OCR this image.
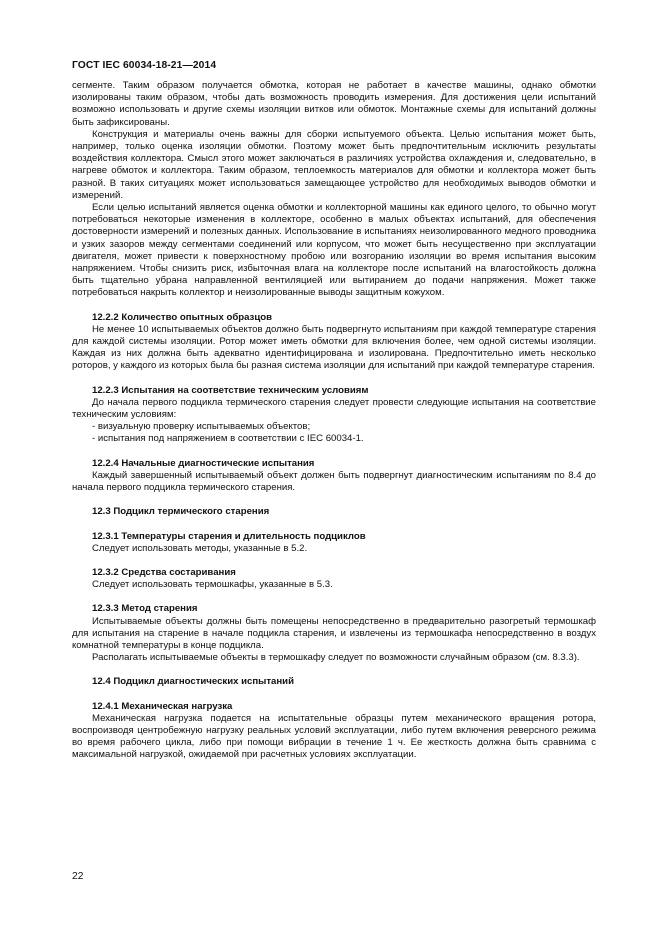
ГОСТ IEC 60034-18-21—2014

сегменте. Таким образом получается обмотка, которая не работает в качестве машины, однако обмотки изолированы таким образом, чтобы дать возможность проводить измерения. Для достижения цели испытаний возможно использовать и другие схемы изоляции витков или обмоток. Монтажные схемы для испытаний должны быть зафиксированы.

Конструкция и материалы очень важны для сборки испытуемого объекта. Целью испытания может быть, например, только оценка изоляции обмотки. Поэтому может быть предпочтительным исключить результаты воздействия коллектора. Смысл этого может заключаться в различиях устройства охлаждения и, следовательно, в нагреве обмоток и коллектора. Таким образом, теплоемкость материалов для обмотки и коллектора может быть разной. В таких ситуациях может использоваться замещающее устройство для необходимых выводов обмотки и измерений.

Если целью испытаний является оценка обмотки и коллекторной машины как единого целого, то обычно могут потребоваться некоторые изменения в коллекторе, особенно в малых объектах испытаний, для обеспечения достоверности измерений и полезных данных. Использование в испытаниях неизолированного медного проводника и узких зазоров между сегментами соединений или корпусом, что может быть несущественно при эксплуатации двигателя, может привести к поверхностному пробою или возгоранию изоляции во время испытания высоким напряжением. Чтобы снизить риск, избыточная влага на коллекторе после испытаний на влагостойкость должна быть тщательно убрана направленной вентиляцией или вытиранием до подачи напряжения. Может также потребоваться накрыть коллектор и неизолированные выводы защитным кожухом.

12.2.2 Количество опытных образцов

Не менее 10 испытываемых объектов должно быть подвергнуто испытаниям при каждой температуре старения для каждой системы изоляции. Ротор может иметь обмотки для включения более, чем одной системы изоляции. Каждая из них должна быть адекватно идентифицирована и изолирована. Предпочтительно иметь несколько роторов, у каждого из которых была бы разная система изоляции для испытаний при каждой температуре старения.

12.2.3 Испытания на соответствие техническим условиям

До начала первого подцикла термического старения следует провести следующие испытания на соответствие техническим условиям:

- визуальную проверку испытываемых объектов;

- испытания под напряжением в соответствии с IEC 60034-1.

12.2.4 Начальные диагностические испытания

Каждый завершенный испытываемый объект должен быть подвергнут диагностическим испытаниям по 8.4 до начала первого подцикла термического старения.

12.3 Подцикл термического старения
12.3.1 Температуры старения и длительность подциклов

Следует использовать методы, указанные в 5.2.

12.3.2 Средства состаривания

Следует использовать термошкафы, указанные в 5.3.

12.3.3 Метод старения

Испытываемые объекты должны быть помещены непосредственно в предварительно разогретый термошкаф для испытания на старение в начале подцикла старения, и извлечены из термошкафа непосредственно в воздух комнатной температуры в конце подцикла.

Располагать испытываемые объекты в термошкафу следует по возможности случайным образом (см. 8.3.3).

12.4 Подцикл диагностических испытаний
12.4.1 Механическая нагрузка

Механическая нагрузка подается на испытательные образцы путем механического вращения ротора, воспроизводя центробежную нагрузку реальных условий эксплуатации, либо путем включения реверсного режима во время рабочего цикла, либо при помощи вибрации в течение 1 ч. Ее жесткость должна быть сравнима с максимальной нагрузкой, ожидаемой при расчетных условиях эксплуатации.

22
